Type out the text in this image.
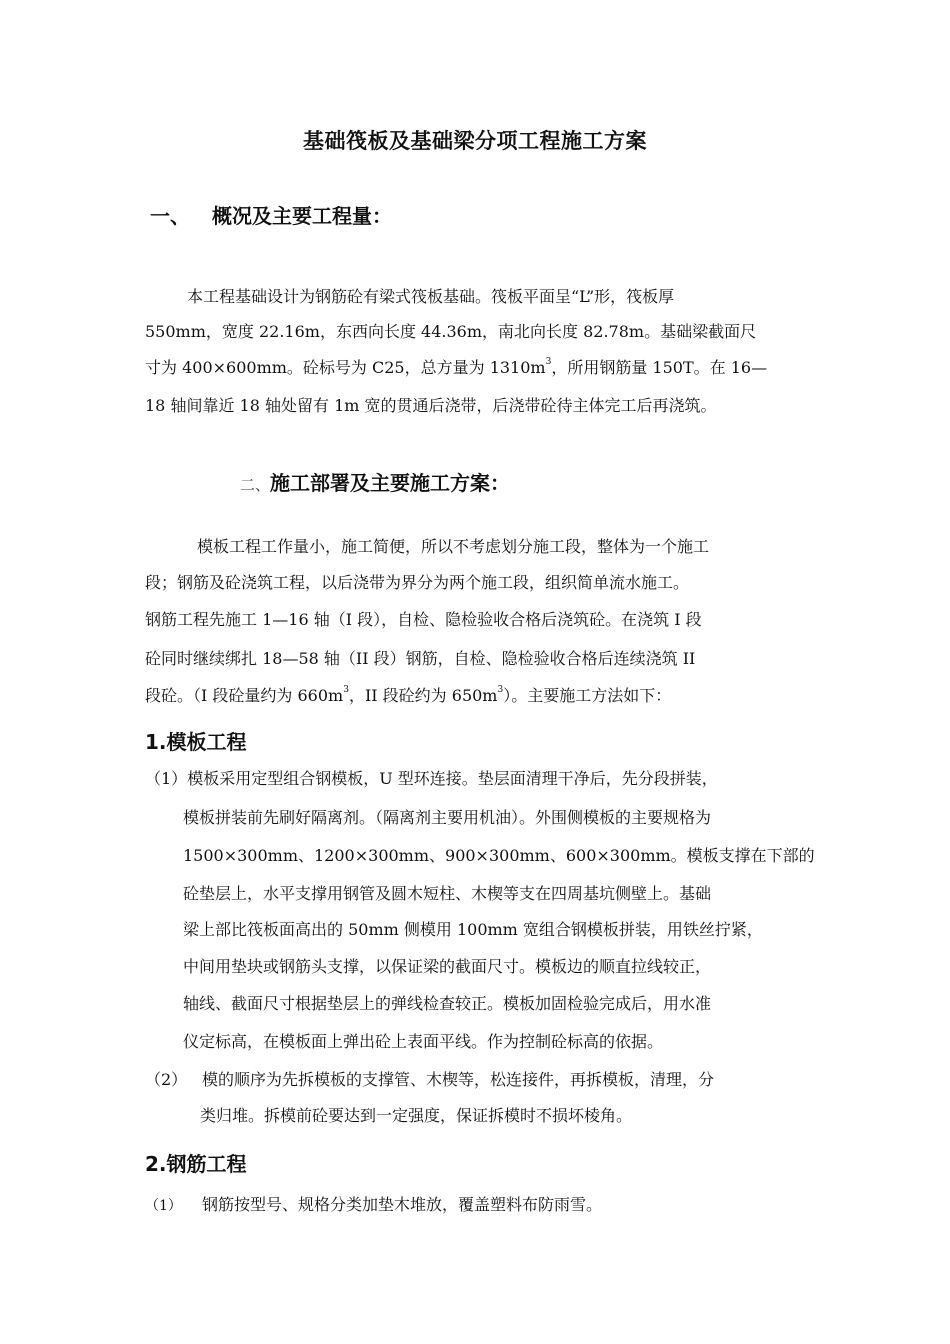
基础筏板及基础梁分项工程施工方案
一、 概况及主要工程量：
本工程基础设计为钢筋砼有梁式筏板基础。筏板平面呈“L”形，筏板厚
550mm，宽度 22.16m，东西向长度 44.36m，南北向长度 82.78m。基础梁截面尺
寸为 400×600mm。砼标号为 C25，总方量为 $1310m^3$，所用钢筋量 150T。在 16—
18 轴间靠近 18 轴处留有 1m 宽的贯通后浇带，后浇带砼待主体完工后再浇筑。
二、施工部署及主要施工方案：
模板工程工作量小，施工简便，所以不考虑划分施工段，整体为一个施工
段；钢筋及砼浇筑工程，以后浇带为界分为两个施工段，组织简单流水施工。
钢筋工程先施工 1—16 轴（I 段），自检、隐检验收合格后浇筑砼。在浇筑 I 段
砼同时继续绑扎 18—58 轴（II 段）钢筋，自检、隐检验收合格后连续浇筑 II
段砼。（I 段砼量约为 $660m^3$，II 段砼约为 $650m^3$）。主要施工方法如下：
1.模板工程
（1）模板采用定型组合钢模板，U 型环连接。垫层面清理干净后，先分段拼装，
模板拼装前先刷好隔离剂。（隔离剂主要用机油）。外围侧模板的主要规格为
1500×300mm、1200×300mm、900×300mm、600×300mm。模板支撑在下部的
砼垫层上，水平支撑用钢管及圆木短柱、木楔等支在四周基坑侧壁上。基础
梁上部比筏板面高出的 50mm 侧模用 100mm 宽组合钢模板拼装，用铁丝拧紧，
中间用垫块或钢筋头支撑，以保证梁的截面尺寸。模板边的顺直拉线较正，
轴线、截面尺寸根据垫层上的弹线检查较正。模板加固检验完成后，用水准
仪定标高，在模板面上弹出砼上表面平线。作为控制砼标高的依据。
（2） 模的顺序为先拆模板的支撑管、木楔等，松连接件，再拆模板，清理，分
类归堆。拆模前砼要达到一定强度，保证拆模时不损坏棱角。
2.钢筋工程
（1） 钢筋按型号、规格分类加垫木堆放，覆盖塑料布防雨雪。
